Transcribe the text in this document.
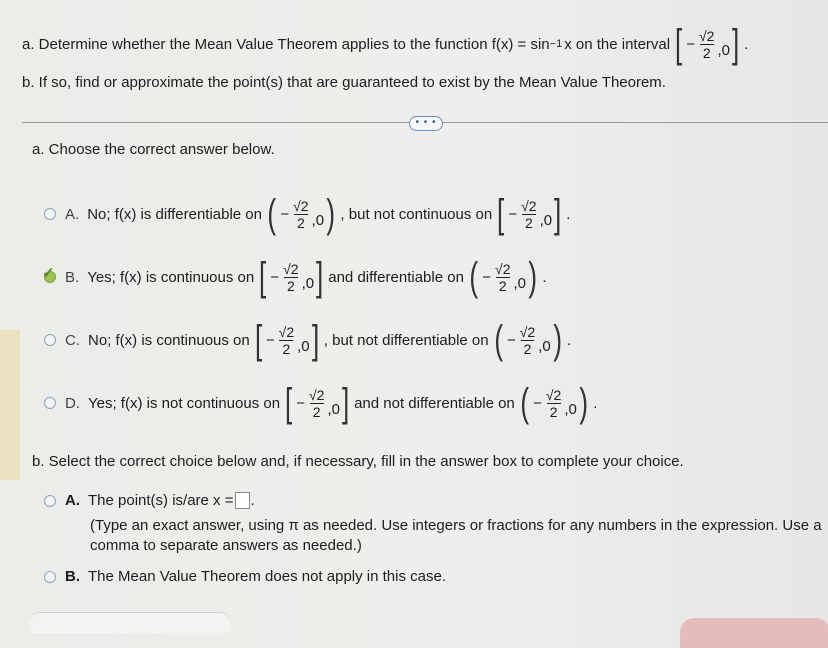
a. Determine whether the Mean Value Theorem applies to the function f(x) = sin −1 x on the interval [ − $\frac{√2}{2} ,0$ ] .
b. If so, find or approximate the point(s) that are guaranteed to exist by the Mean Value Theorem.
• • •
a. Choose the correct answer below.
A. No; f(x) is differentiable on ( − $\frac{√2}{2} ,0$ ) , but not continuous on [ − $\frac{√2}{2} ,0$ ] .
✓ B. Yes; f(x) is continuous on [ − $\frac{√2}{2} ,0$ ] and differentiable on ( − $\frac{√2}{2} ,0$ ) .
C. No; f(x) is continuous on [ − $\frac{√2}{2} ,0$ ] , but not differentiable on ( − $\frac{√2}{2} ,0$ ) .
D. Yes; f(x) is not continuous on [ − $\frac{√2}{2} ,0$ ] and not differentiable on ( − $\frac{√2}{2} ,0$ ) .
b. Select the correct choice below and, if necessary, fill in the answer box to complete your choice.
A. The point(s) is/are x = .
(Type an exact answer, using π as needed. Use integers or fractions for any numbers in the expression. Use a
comma to separate answers as needed.)
B. The Mean Value Theorem does not apply in this case.
